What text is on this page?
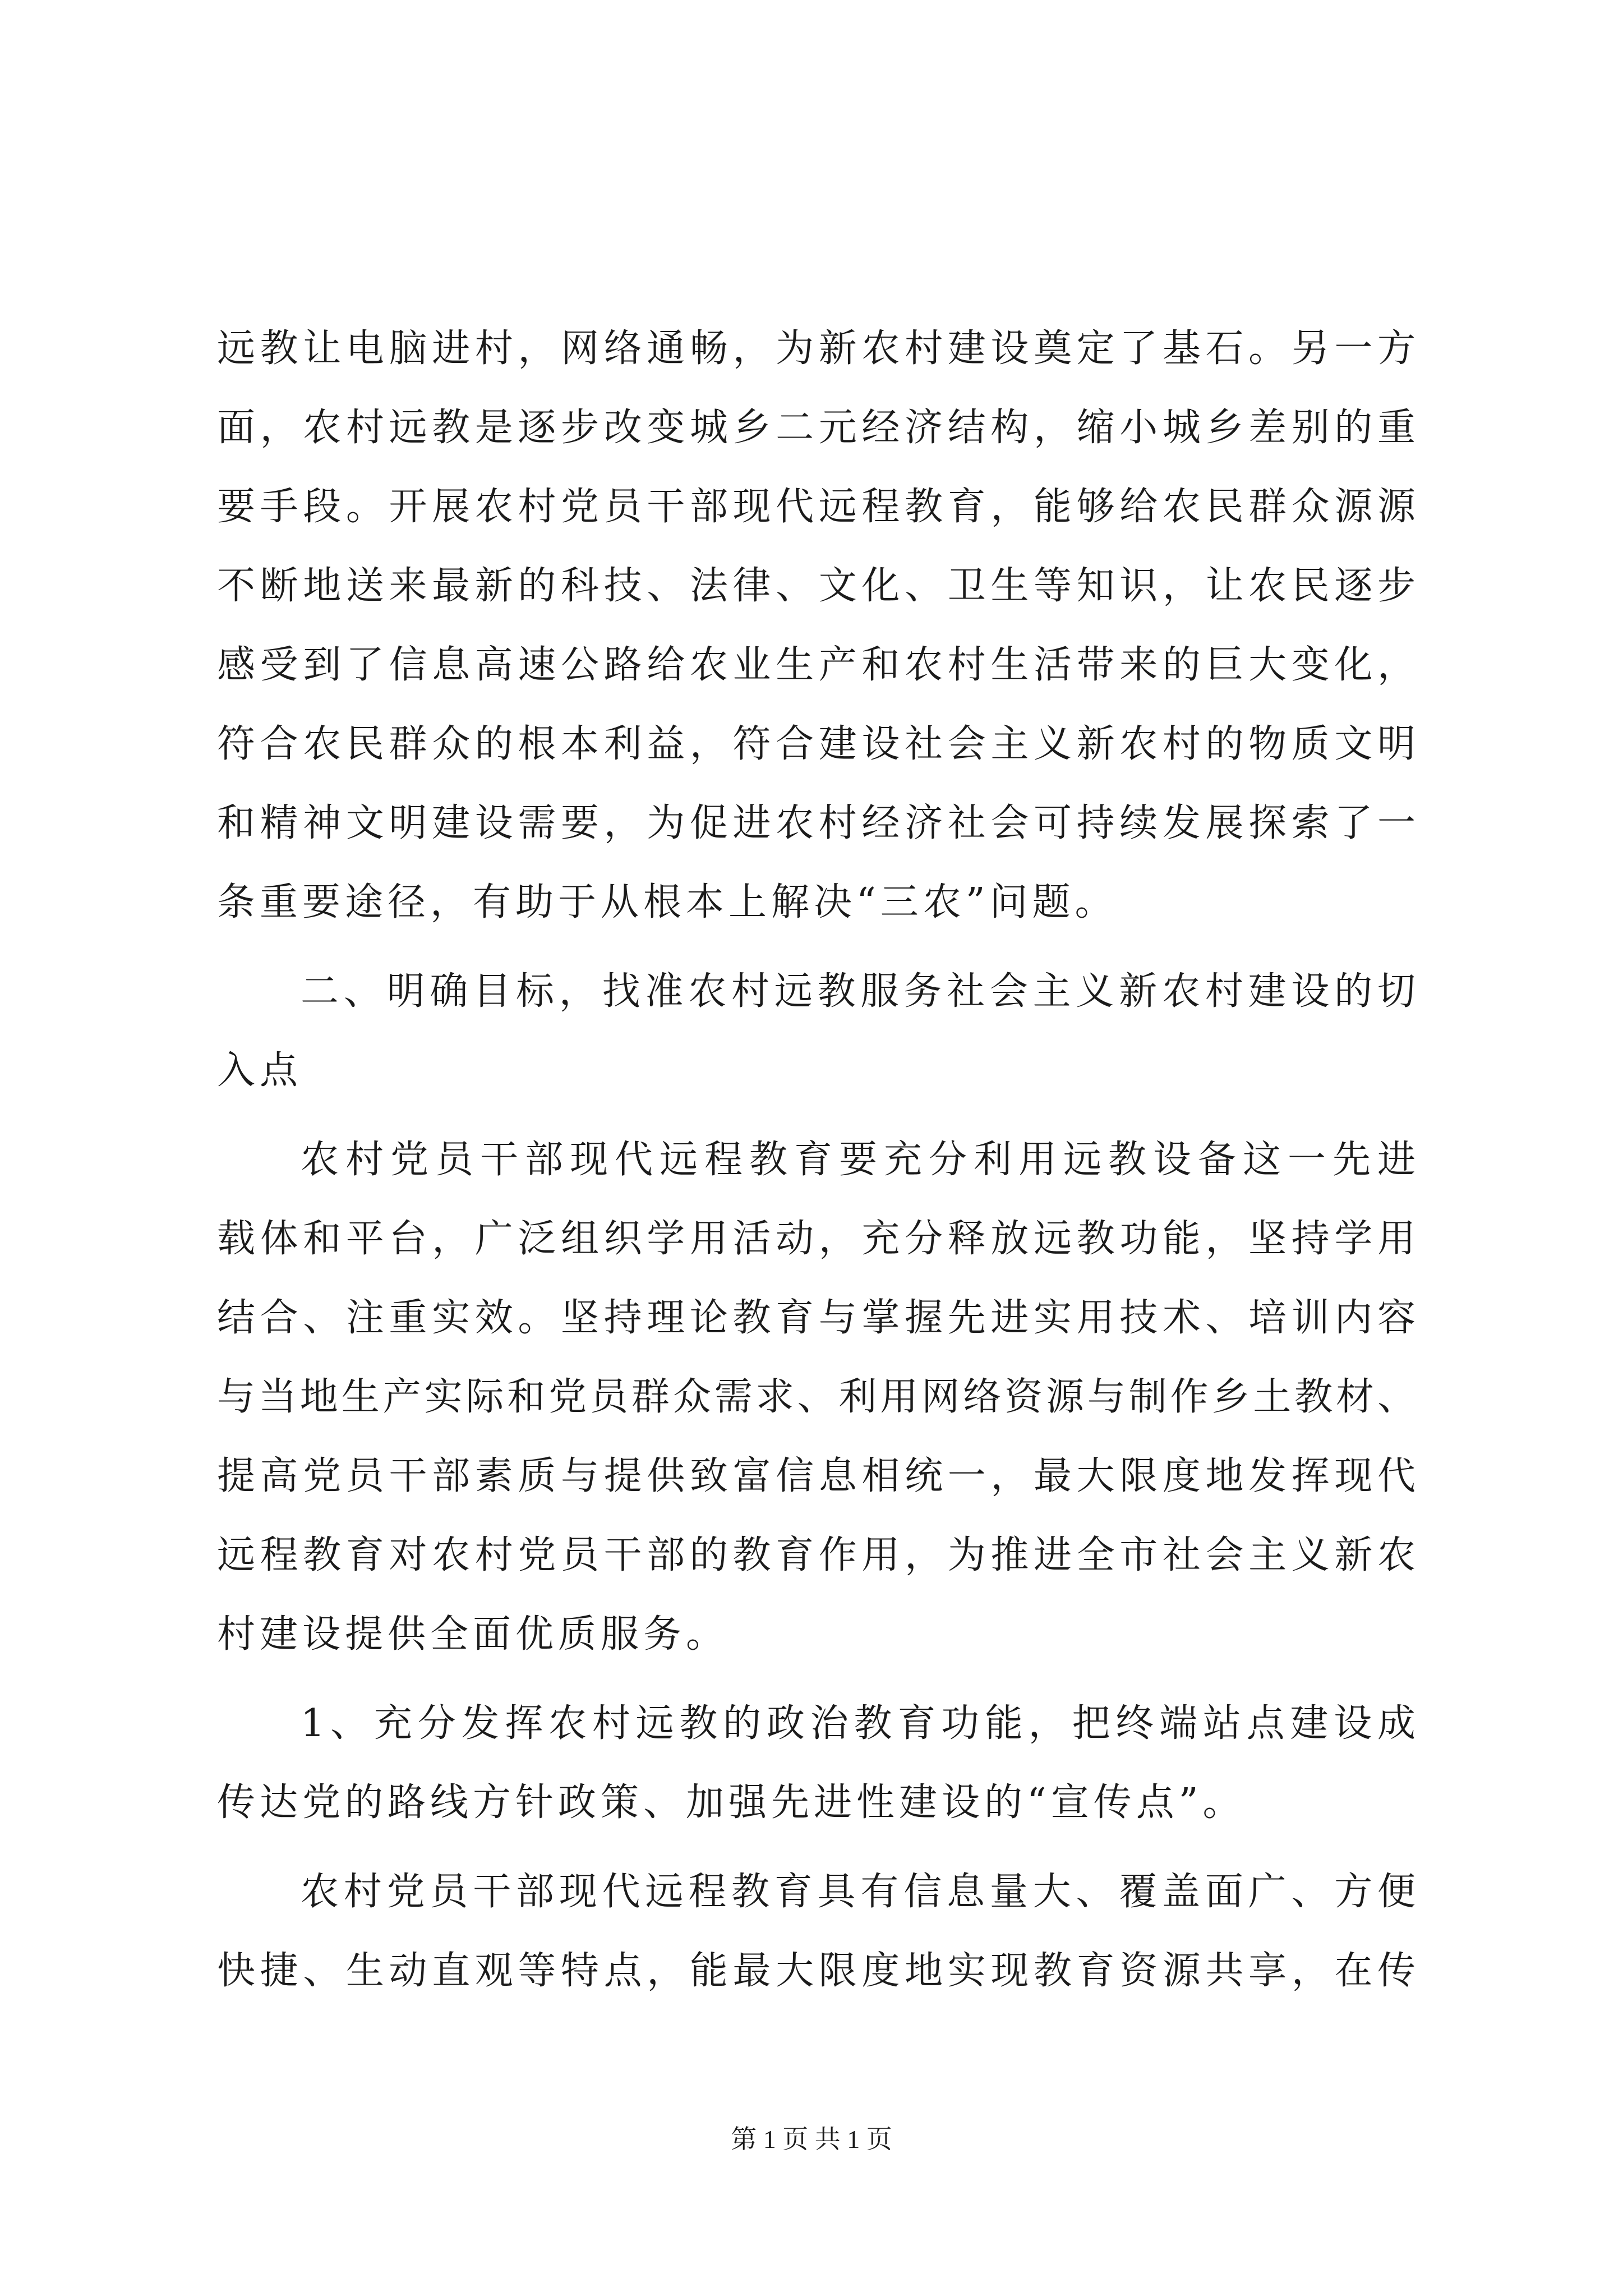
远教让电脑进村，网络通畅，为新农村建设奠定了基石。另一方
面，农村远教是逐步改变城乡二元经济结构，缩小城乡差别的重
要手段。开展农村党员干部现代远程教育，能够给农民群众源源
不断地送来最新的科技、法律、文化、卫生等知识，让农民逐步
感受到了信息高速公路给农业生产和农村生活带来的巨大变化，
符合农民群众的根本利益，符合建设社会主义新农村的物质文明
和精神文明建设需要，为促进农村经济社会可持续发展探索了一
条重要途径，有助于从根本上解决“三农”问题。
二、明确目标，找准农村远教服务社会主义新农村建设的切
入点
农村党员干部现代远程教育要充分利用远教设备这一先进
载体和平台，广泛组织学用活动，充分释放远教功能，坚持学用
结合、注重实效。坚持理论教育与掌握先进实用技术、培训内容
与当地生产实际和党员群众需求、利用网络资源与制作乡土教材、
提高党员干部素质与提供致富信息相统一，最大限度地发挥现代
远程教育对农村党员干部的教育作用，为推进全市社会主义新农
村建设提供全面优质服务。
1、充分发挥农村远教的政治教育功能，把终端站点建设成
传达党的路线方针政策、加强先进性建设的“宣传点”。
农村党员干部现代远程教育具有信息量大、覆盖面广、方便
快捷、生动直观等特点，能最大限度地实现教育资源共享，在传
第 1 页 共 1 页
